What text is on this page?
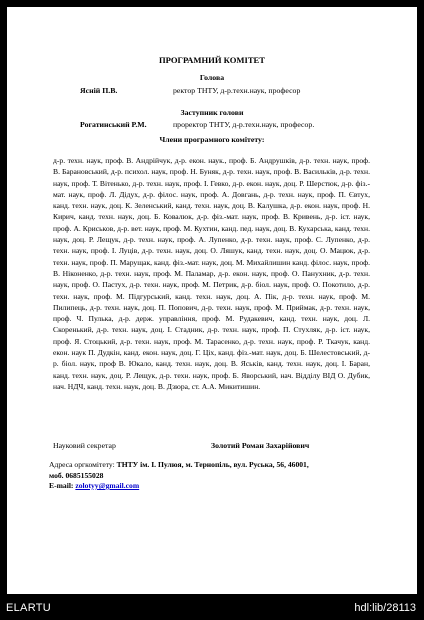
ПРОГРАМНИЙ КОМІТЕТ
Голова
Ясній П.В.	ректор ТНТУ, д-р.техн.наук, професор
Заступник голови
Рогатинський Р.М.	проректор ТНТУ, д-р.техн.наук, професор.
Члени програмного комітету:

д-р. техн. наук, проф. В. Андрійчук, д-р. екон. наук., проф. Б. Андрушків, д-р. техн. наук, проф. В. Барановський, д-р. психол. наук, проф. Н. Буняк, д-р. техн. наук, проф. В. Васильків, д-р. техн. наук, проф. Т. Вітенько, д-р. техн. наук, проф. І. Гевко, д-р. екон. наук, доц. Р. Шерстюк, д-р. фіз.-мат. наук, проф. Л. Дідух, д-р. філос. наук, проф. А. Довгань, д-р. техн. наук, проф. П. Євтух, канд. техн. наук, доц. К. Зеленський, канд. техн. наук, доц. В. Калушка, д-р. екон. наук, проф. Н. Кирич, канд. техн. наук, доц. Б. Ковалюк, д-р. фіз.-мат. наук, проф. В. Кривень, д-р. іст. наук, проф. А. Криськов, д-р. вет. наук, проф. М. Кухтин, канд. пед. наук, доц. В. Кухарська, канд. техн. наук, доц. Р. Лещук, д-р. техн. наук, проф. А. Лупенко, д-р. техн. наук, проф. С. Лупенко, д-р. техн. наук, проф. І. Луців, д-р. техн. наук, доц. О. Ляшук, канд. техн. наук, доц. О. Мацюк, д-р. техн. наук, проф. П. Марущак, канд. фіз.-мат. наук, доц. М. Михайлишин канд. філос. наук, проф. В. Ніконенко, д-р. техн. наук, проф. М. Паламар, д-р. екон. наук, проф. О. Панухник, д-р. техн. наук, проф. О. Пастух, д-р. техн. наук, проф. М. Петрик, д-р. біол. наук, проф. О. Покотило, д-р. техн. наук, проф. М. Підгурський, канд. техн. наук, доц. А. Пік, д-р. техн. наук, проф. М. Пилипець, д-р. техн. наук, доц. П. Попович, д-р. техн. наук, проф. М. Приймак, д-р. техн. наук, проф. Ч. Пулька, д-р. держ. управління, проф. М. Рудакевич, канд. техн. наук, доц. Л. Скоренький, д-р. техн. наук, доц. І. Стадник, д-р. техн. наук, проф. П. Стухляк, д-р. іст. наук, проф. Я. Стоцький, д-р. техн. наук, проф. М. Тарасенко, д-р. техн. наук, проф. Р. Ткачук, канд. екон. наук П. Дудкін, канд. екон. наук, доц. Г. Ціх, канд. фіз.-мат. наук, доц. Б. Шелестовський, д-р. біол. наук, проф В. Юкало, канд. техн. наук, доц. В. Яськів, канд. техн. наук, доц. І. Баран, канд. техн. наук, доц. Р. Лещук, д-р. техн. наук, проф. Б. Яворський, нач. Відділу ВІД О. Дубик, нач. НДЧ, канд. техн. наук, доц. В. Дзюра, ст. А.А. Микитишин.

Науковий секретар	Золотий Роман Захарійович
Адреса оргкомітету: ТНТУ ім. І. Пулюя, м. Тернопіль, вул. Руська, 56, 46001,
моб. 0685155028
E-mail: zolotyy@gmail.com
ELARTU	hdl:lib/28113
